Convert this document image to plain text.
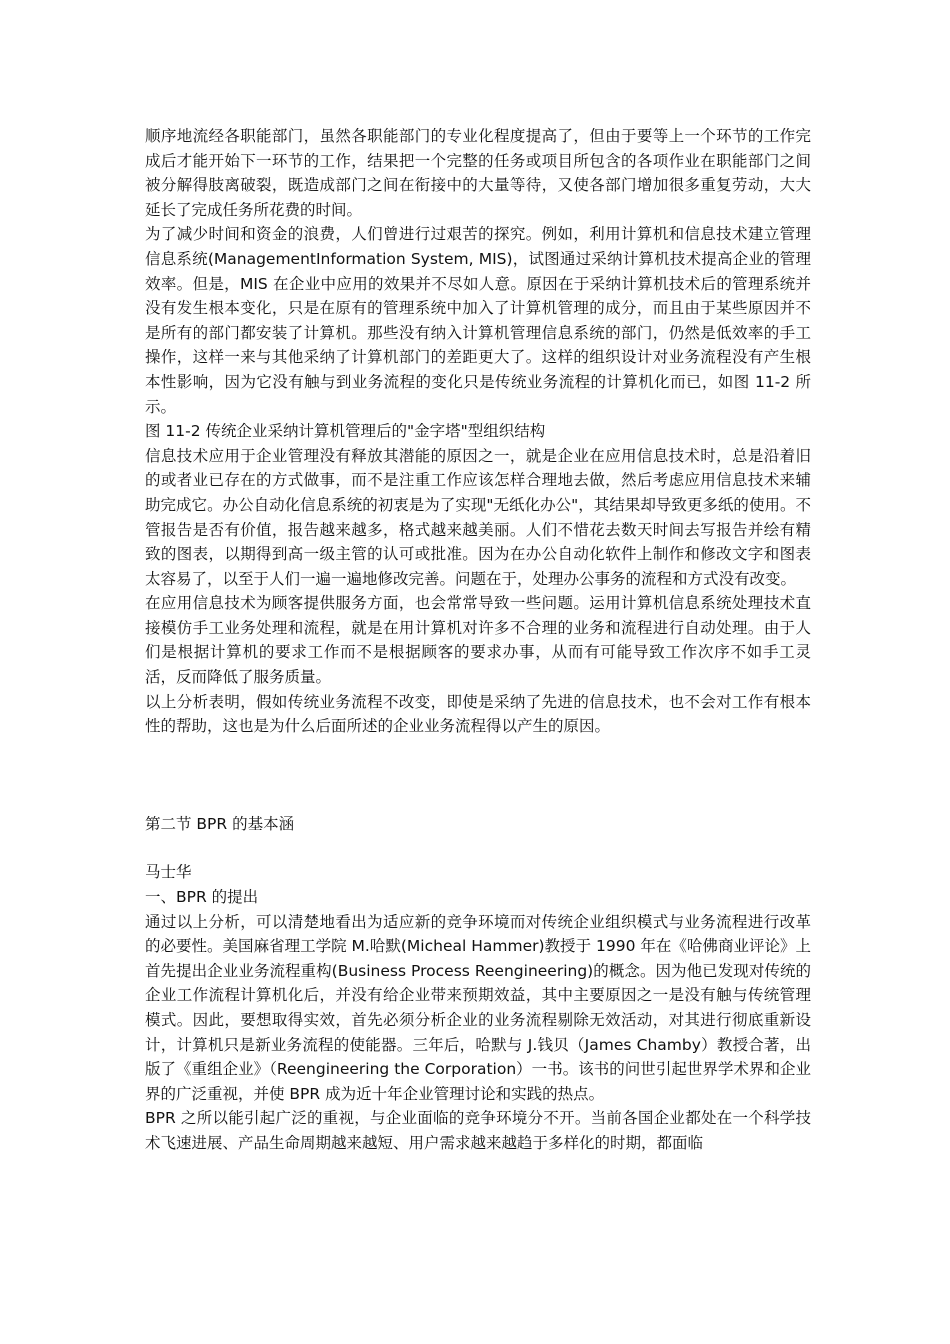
顺序地流经各职能部门，虽然各职能部门的专业化程度提高了，但由于要等上一个环节的工作完成后才能开始下一环节的工作，结果把一个完整的任务或项目所包含的各项作业在职能部门之间被分解得肢离破裂，既造成部门之间在衔接中的大量等待，又使各部门增加很多重复劳动，大大延长了完成任务所花费的时间。

为了减少时间和资金的浪费，人们曾进行过艰苦的探究。例如，利用计算机和信息技术建立管理信息系统(ManagementInformation System, MIS)，试图通过采纳计算机技术提高企业的管理效率。但是，MIS 在企业中应用的效果并不尽如人意。原因在于采纳计算机技术后的管理系统并没有发生根本变化，只是在原有的管理系统中加入了计算机管理的成分，而且由于某些原因并不是所有的部门都安装了计算机。那些没有纳入计算机管理信息系统的部门，仍然是低效率的手工操作，这样一来与其他采纳了计算机部门的差距更大了。这样的组织设计对业务流程没有产生根本性影响，因为它没有触与到业务流程的变化只是传统业务流程的计算机化而已，如图 11-2 所示。

图 11-2 传统企业采纳计算机管理后的"金字塔"型组织结构

信息技术应用于企业管理没有释放其潜能的原因之一，就是企业在应用信息技术时，总是沿着旧的或者业已存在的方式做事，而不是注重工作应该怎样合理地去做，然后考虑应用信息技术来辅助完成它。办公自动化信息系统的初衷是为了实现"无纸化办公"，其结果却导致更多纸的使用。不管报告是否有价值，报告越来越多，格式越来越美丽。人们不惜花去数天时间去写报告并绘有精致的图表，以期得到高一级主管的认可或批准。因为在办公自动化软件上制作和修改文字和图表太容易了，以至于人们一遍一遍地修改完善。问题在于，处理办公事务的流程和方式没有改变。

在应用信息技术为顾客提供服务方面，也会常常导致一些问题。运用计算机信息系统处理技术直接模仿手工业务处理和流程，就是在用计算机对许多不合理的业务和流程进行自动处理。由于人们是根据计算机的要求工作而不是根据顾客的要求办事，从而有可能导致工作次序不如手工灵活，反而降低了服务质量。

以上分析表明，假如传统业务流程不改变，即使是采纳了先进的信息技术，也不会对工作有根本性的帮助，这也是为什么后面所述的企业业务流程得以产生的原因。

第二节 BPR 的基本涵

马士华

一、BPR 的提出

通过以上分析，可以清楚地看出为适应新的竞争环境而对传统企业组织模式与业务流程进行改革的必要性。美国麻省理工学院 M.哈默(Micheal Hammer)教授于 1990 年在《哈佛商业评论》上首先提出企业业务流程重构(Business Process Reengineering)的概念。因为他已发现对传统的企业工作流程计算机化后，并没有给企业带来预期效益，其中主要原因之一是没有触与传统管理模式。因此，要想取得实效，首先必须分析企业的业务流程剔除无效活动，对其进行彻底重新设计，计算机只是新业务流程的使能器。三年后，哈默与 J.钱贝（James Chamby）教授合著，出版了《重组企业》（Reengineering the Corporation）一书。该书的问世引起世界学术界和企业界的广泛重视，并使 BPR 成为近十年企业管理讨论和实践的热点。

BPR 之所以能引起广泛的重视，与企业面临的竞争环境分不开。当前各国企业都处在一个科学技术飞速进展、产品生命周期越来越短、用户需求越来越趋于多样化的时期，都面临
